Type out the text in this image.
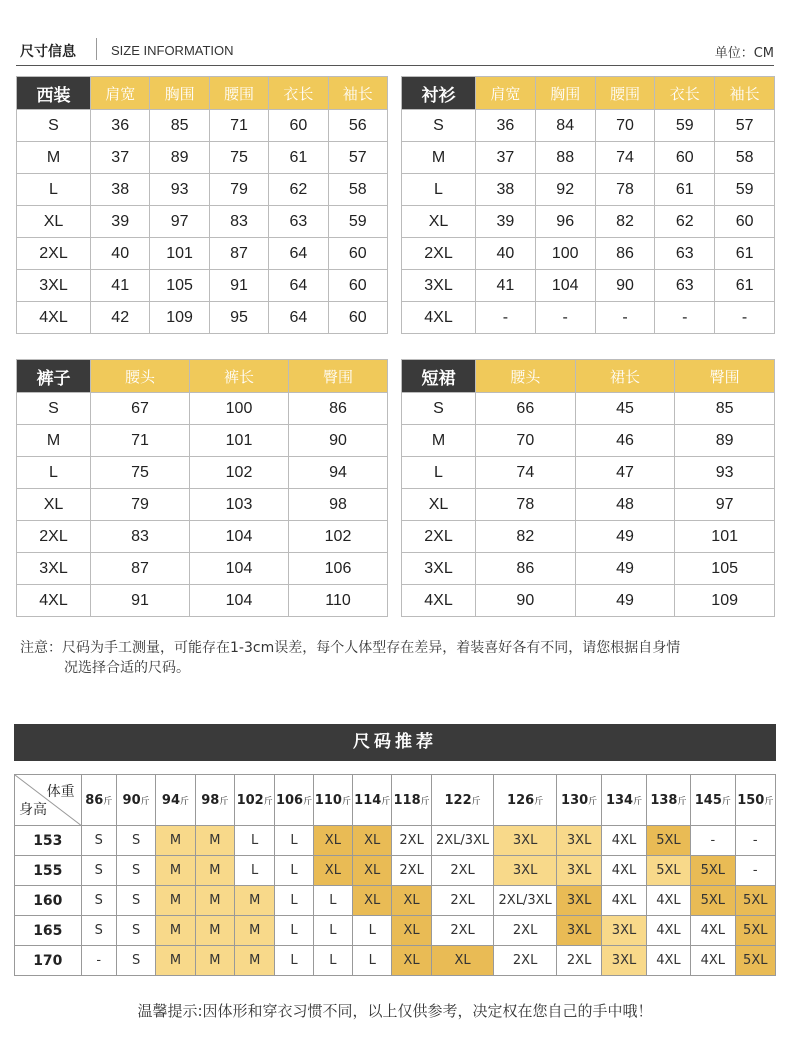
尺寸信息	SIZE INFORMATION	单位：CM
西装	肩宽	胸围	腰围	衣长	袖长
S	36	85	71	60	56
M	37	89	75	61	57
L	38	93	79	62	58
XL	39	97	83	63	59
2XL	40	101	87	64	60
3XL	41	105	91	64	60
4XL	42	109	95	64	60
衬衫	肩宽	胸围	腰围	衣长	袖长
S	36	84	70	59	57
M	37	88	74	60	58
L	38	92	78	61	59
XL	39	96	82	62	60
2XL	40	100	86	63	61
3XL	41	104	90	63	61
4XL	-	-	-	-	-
裤子	腰头	裤长	臀围
S	67	100	86
M	71	101	90
L	75	102	94
XL	79	103	98
2XL	83	104	102
3XL	87	104	106
4XL	91	104	110
短裙	腰头	裙长	臀围
S	66	45	85
M	70	46	89
L	74	47	93
XL	78	48	97
2XL	82	49	101
3XL	86	49	105
4XL	90	49	109
注意：尺码为手工测量，可能存在1-3cm误差，每个人体型存在差异，着装喜好各有不同，请您根据自身情
况选择合适的尺码。
尺码推荐
体重
身高	86斤	90斤	94斤	98斤	102斤	106斤	110斤	114斤	118斤	122斤	126斤	130斤	134斤	138斤	145斤	150斤
153	S	S	M	M	L	L	XL	XL	2XL	2XL/3XL	3XL	3XL	4XL	5XL	-	-
155	S	S	M	M	L	L	XL	XL	2XL	2XL	3XL	3XL	4XL	5XL	5XL	-
160	S	S	M	M	M	L	L	XL	XL	2XL	2XL/3XL	3XL	4XL	4XL	5XL	5XL
165	S	S	M	M	M	L	L	L	XL	2XL	2XL	3XL	3XL	4XL	4XL	5XL
170	-	S	M	M	M	L	L	L	XL	XL	2XL	2XL	3XL	4XL	4XL	5XL
温馨提示:因体形和穿衣习惯不同，以上仅供参考，决定权在您自己的手中哦！
